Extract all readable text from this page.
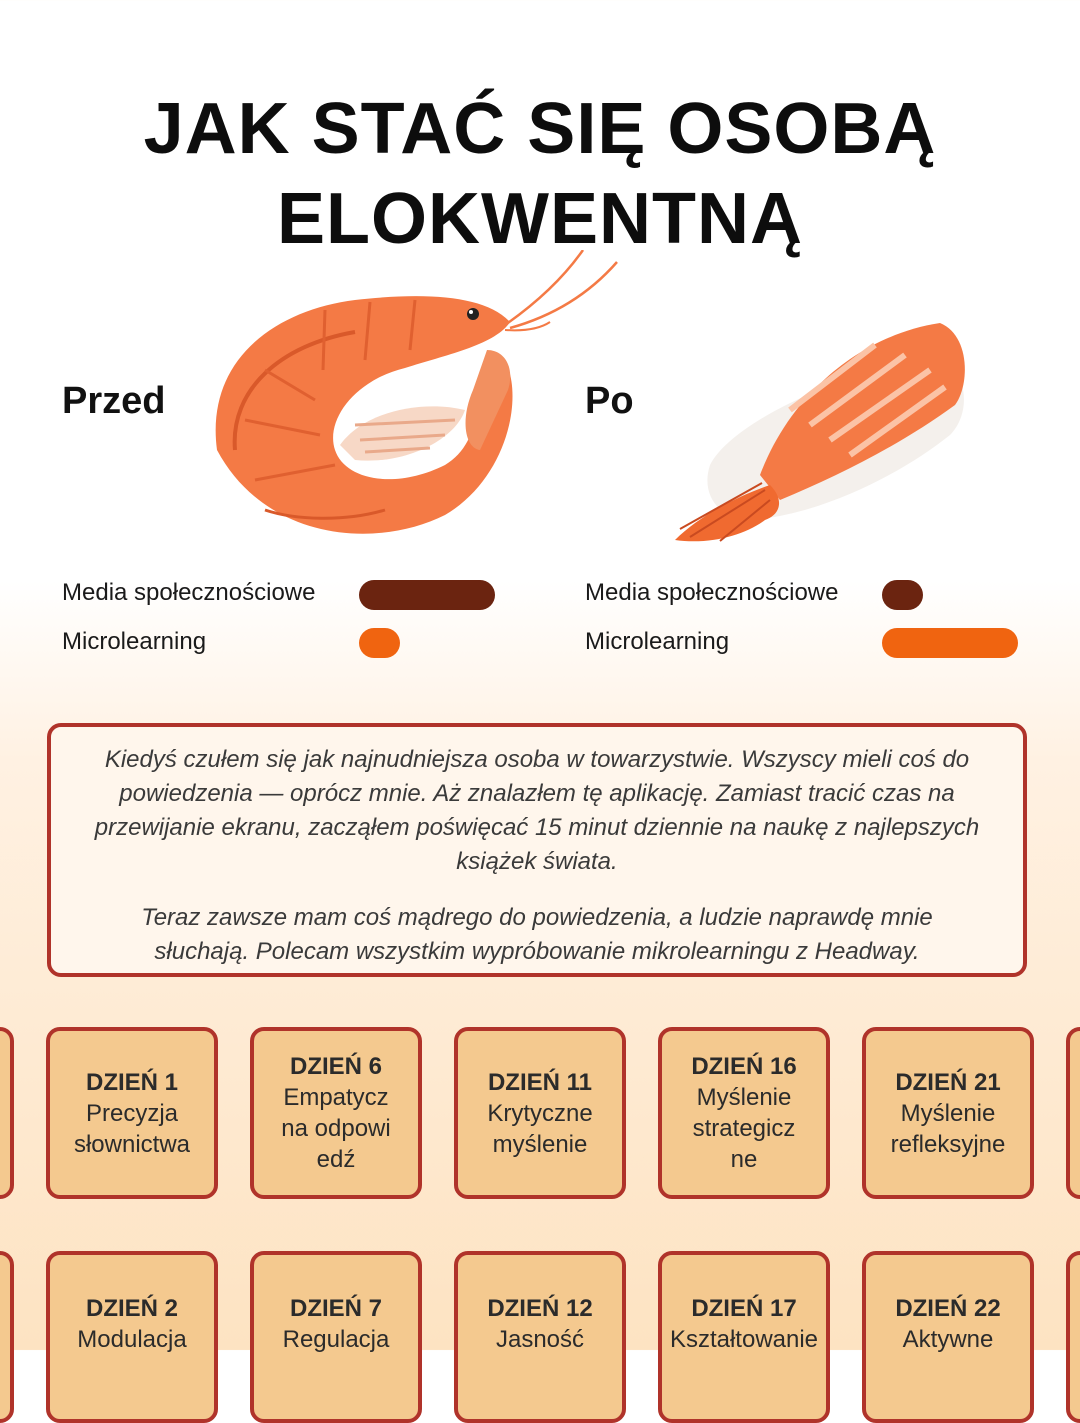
JAK STAĆ SIĘ OSOBĄ
ELOKWENTNĄ
Przed	Po
Media społecznościowe
Microlearning
Media społecznościowe
Microlearning

Kiedyś czułem się jak najnudniejsza osoba w towarzystwie. Wszyscy mieli coś do powiedzenia — oprócz mnie. Aż znalazłem tę aplikację. Zamiast tracić czas na przewijanie ekranu, zacząłem poświęcać 15 minut dziennie na naukę z najlepszych książek świata.

Teraz zawsze mam coś mądrego do powiedzenia, a ludzie naprawdę mnie słuchają. Polecam wszystkim wypróbowanie mikrolearningu z Headway.

DZIEŃ 1
Precyzja słownictwa
DZIEŃ 6
Empatyczna odpowiedź
DZIEŃ 11
Krytyczne myślenie
DZIEŃ 16
Myślenie strategiczne
DZIEŃ 21
Myślenie refleksyjne
DZIEŃ 2
Modulacja
DZIEŃ 7
Regulacja
DZIEŃ 12
Jasność
DZIEŃ 17
Kształtowanie
DZIEŃ 22
Aktywne
